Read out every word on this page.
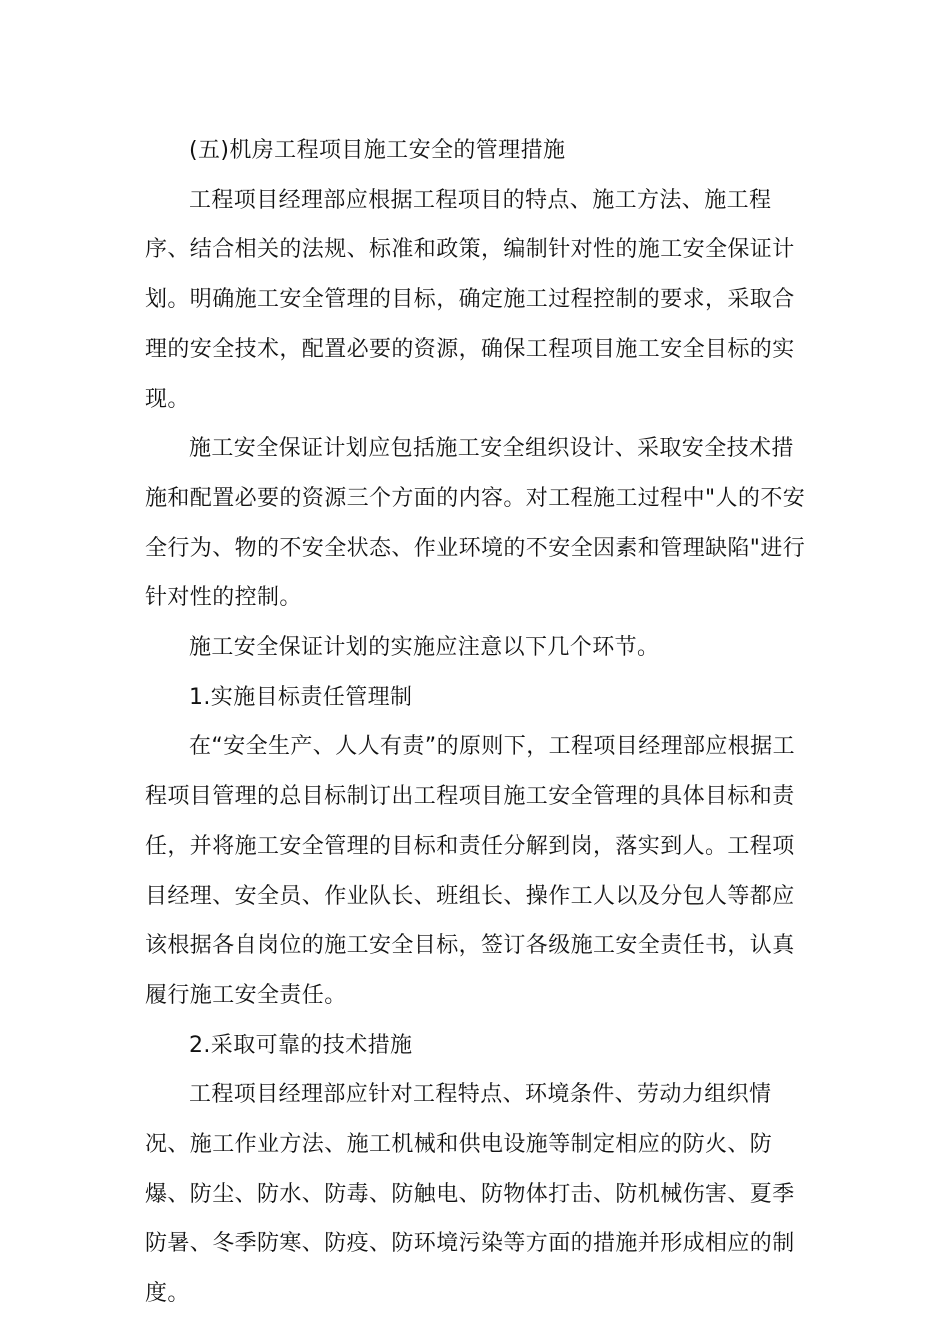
(五)机房工程项目施工安全的管理措施

工程项目经理部应根据工程项目的特点、施工方法、施工程序、结合相关的法规、标准和政策，编制针对性的施工安全保证计划。明确施工安全管理的目标，确定施工过程控制的要求，采取合理的安全技术，配置必要的资源，确保工程项目施工安全目标的实现。

施工安全保证计划应包括施工安全组织设计、采取安全技术措施和配置必要的资源三个方面的内容。对工程施工过程中"人的不安全行为、物的不安全状态、作业环境的不安全因素和管理缺陷"进行针对性的控制。

施工安全保证计划的实施应注意以下几个环节。

1.实施目标责任管理制

在“安全生产、人人有责”的原则下，工程项目经理部应根据工程项目管理的总目标制订出工程项目施工安全管理的具体目标和责任，并将施工安全管理的目标和责任分解到岗，落实到人。工程项目经理、安全员、作业队长、班组长、操作工人以及分包人等都应该根据各自岗位的施工安全目标，签订各级施工安全责任书，认真履行施工安全责任。

2.采取可靠的技术措施

工程项目经理部应针对工程特点、环境条件、劳动力组织情况、施工作业方法、施工机械和供电设施等制定相应的防火、防爆、防尘、防水、防毒、防触电、防物体打击、防机械伤害、夏季防暑、冬季防寒、防疫、防环境污染等方面的措施并形成相应的制度。
